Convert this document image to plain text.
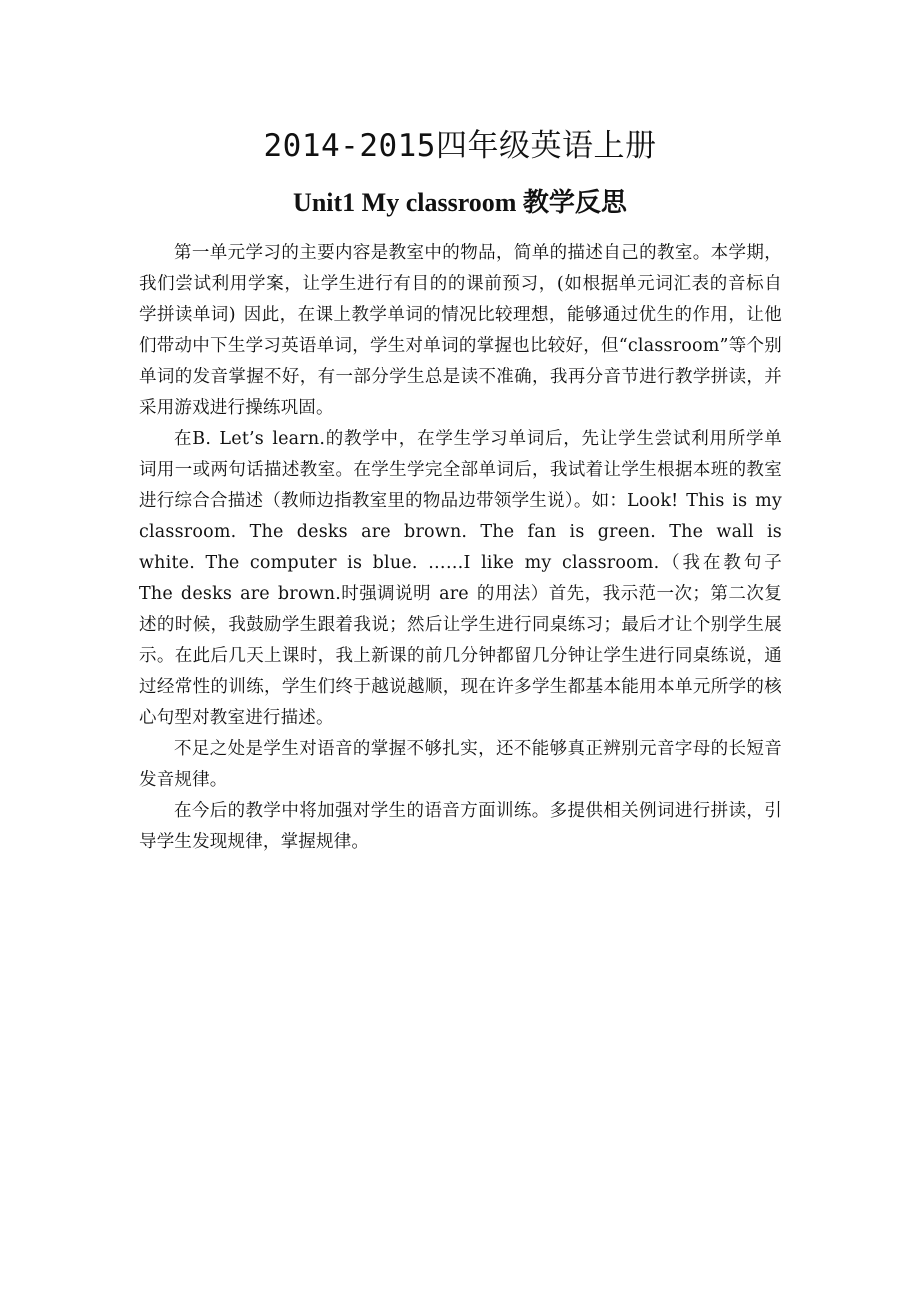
2014-2015四年级英语上册
Unit1 My classroom 教学反思

第一单元学习的主要内容是教室中的物品，简单的描述自己的教室。本学期，我们尝试利用学案，让学生进行有目的的课前预习，(如根据单元词汇表的音标自学拼读单词) 因此，在课上教学单词的情况比较理想，能够通过优生的作用，让他们带动中下生学习英语单词，学生对单词的掌握也比较好，但“classroom”等个别单词的发音掌握不好，有一部分学生总是读不准确，我再分音节进行教学拼读，并采用游戏进行操练巩固。

在B. Let’s learn.的教学中，在学生学习单词后，先让学生尝试利用所学单词用一或两句话描述教室。在学生学完全部单词后，我试着让学生根据本班的教室进行综合合描述（教师边指教室里的物品边带领学生说）。如：Look! This is my classroom. The desks are brown. The fan is green. The wall is white. The computer is blue. ……I like my classroom.（我在教句子 The desks are brown.时强调说明 are 的用法）首先，我示范一次；第二次复述的时候，我鼓励学生跟着我说；然后让学生进行同桌练习；最后才让个别学生展示。在此后几天上课时，我上新课的前几分钟都留几分钟让学生进行同桌练说，通过经常性的训练，学生们终于越说越顺，现在许多学生都基本能用本单元所学的核心句型对教室进行描述。

不足之处是学生对语音的掌握不够扎实，还不能够真正辨别元音字母的长短音发音规律。

在今后的教学中将加强对学生的语音方面训练。多提供相关例词进行拼读，引导学生发现规律，掌握规律。
